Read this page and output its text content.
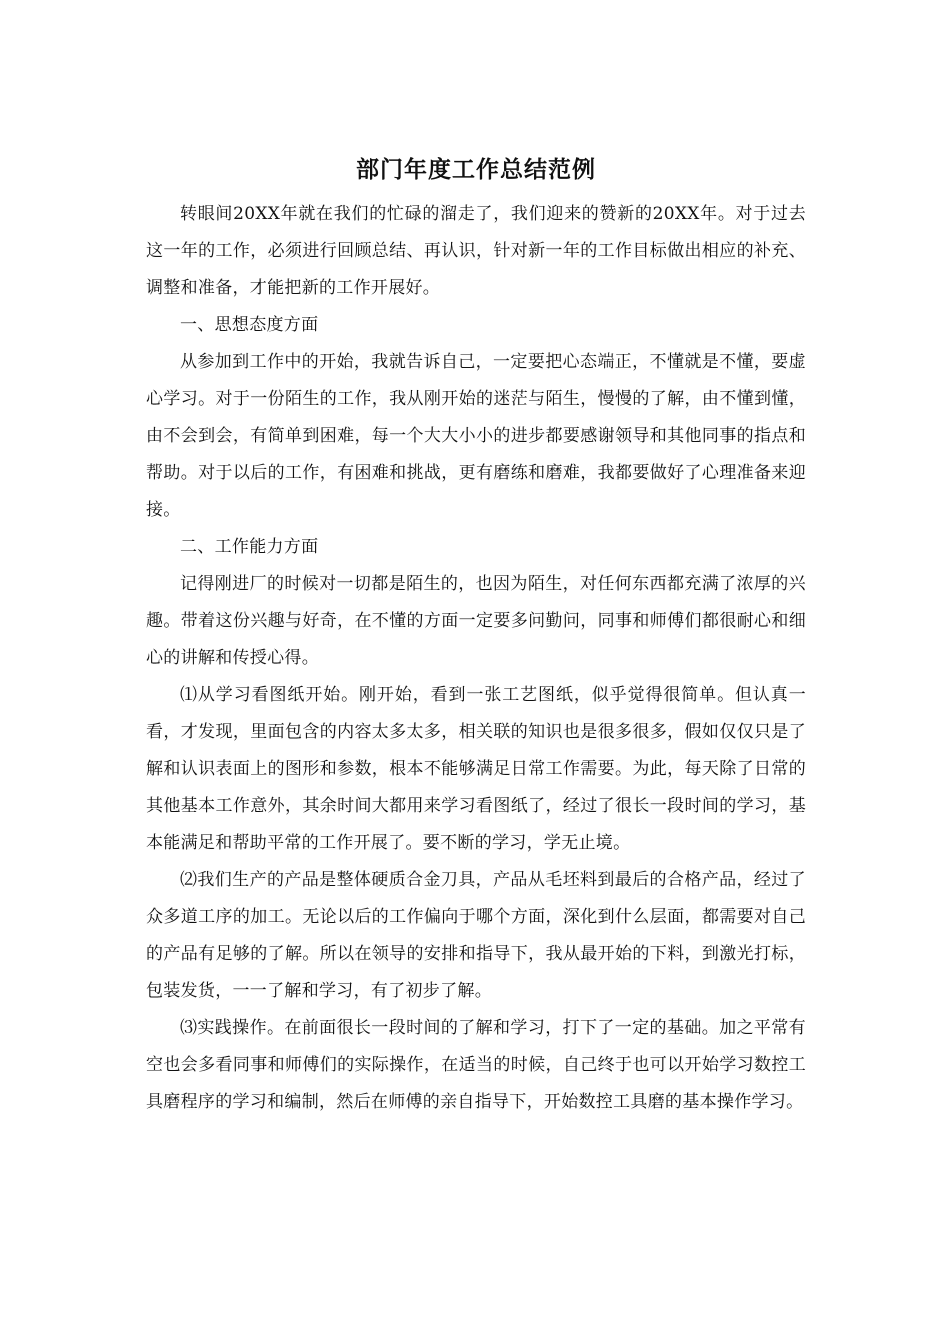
部门年度工作总结范例

转眼间20XX年就在我们的忙碌的溜走了，我们迎来的赞新的20XX年。对于过去这一年的工作，必须进行回顾总结、再认识，针对新一年的工作目标做出相应的补充、调整和准备，才能把新的工作开展好。

一、思想态度方面

从参加到工作中的开始，我就告诉自己，一定要把心态端正，不懂就是不懂，要虚心学习。对于一份陌生的工作，我从刚开始的迷茫与陌生，慢慢的了解，由不懂到懂，由不会到会，有简单到困难，每一个大大小小的进步都要感谢领导和其他同事的指点和帮助。对于以后的工作，有困难和挑战，更有磨练和磨难，我都要做好了心理准备来迎接。

二、工作能力方面

记得刚进厂的时候对一切都是陌生的，也因为陌生，对任何东西都充满了浓厚的兴趣。带着这份兴趣与好奇，在不懂的方面一定要多问勤问，同事和师傅们都很耐心和细心的讲解和传授心得。

⑴从学习看图纸开始。刚开始，看到一张工艺图纸，似乎觉得很简单。但认真一看，才发现，里面包含的内容太多太多，相关联的知识也是很多很多，假如仅仅只是了解和认识表面上的图形和参数，根本不能够满足日常工作需要。为此，每天除了日常的其他基本工作意外，其余时间大都用来学习看图纸了，经过了很长一段时间的学习，基本能满足和帮助平常的工作开展了。要不断的学习，学无止境。

⑵我们生产的产品是整体硬质合金刀具，产品从毛坯料到最后的合格产品，经过了众多道工序的加工。无论以后的工作偏向于哪个方面，深化到什么层面，都需要对自己的产品有足够的了解。所以在领导的安排和指导下，我从最开始的下料，到激光打标，包装发货，一一了解和学习，有了初步了解。

⑶实践操作。在前面很长一段时间的了解和学习，打下了一定的基础。加之平常有空也会多看同事和师傅们的实际操作，在适当的时候，自己终于也可以开始学习数控工具磨程序的学习和编制，然后在师傅的亲自指导下，开始数控工具磨的基本操作学习。
